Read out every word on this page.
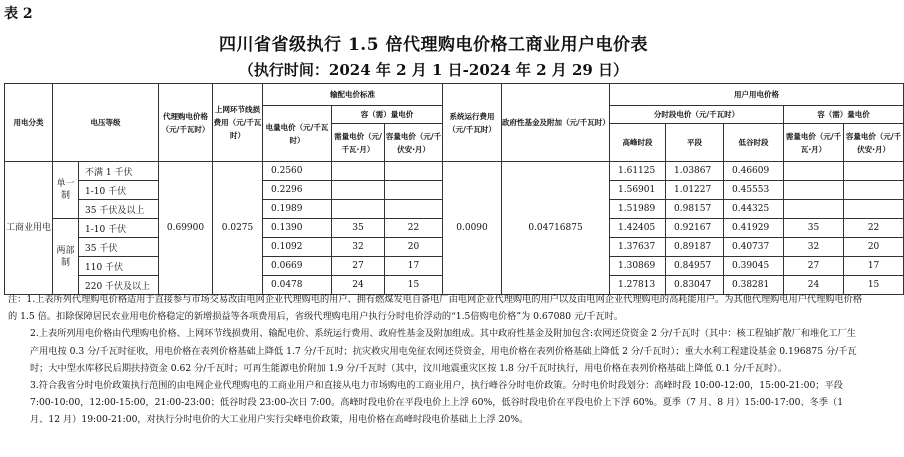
表 2
四川省省级执行 1.5 倍代理购电价格工商业用户电价表
（执行时间：2024 年 2 月 1 日-2024 年 2 月 29 日）
用电分类	电压等级		代理购电价格（元/千瓦时）	上网环节线损费用（元/千瓦时）	输配电价标准			系统运行费用（元/千瓦时）	政府性基金及附加（元/千瓦时）	用户用电价格				
					电量电价（元/千瓦时）	容（需）量电价				分时段电价（元/千瓦时）			容（需）量电价	
						需量电价（元/千瓦·月）	容量电价（元/千伏安·月）			高峰时段	平段	低谷时段	需量电价（元/千瓦·月）	容量电价（元/千伏安·月）
工商业用电	单一制	不满 1 千伏	0.69900	0.0275	0.2560			0.0090	0.04716875	1.61125	1.03867	0.46609		
		1-10 千伏			0.2296					1.56901	1.01227	0.45553		
		35 千伏及以上			0.1989					1.51989	0.98157	0.44325		
	两部制	1-10 千伏			0.1390	35	22			1.42405	0.92167	0.41929	35	22
		35 千伏			0.1092	32	20			1.37637	0.89187	0.40737	32	20
		110 千伏			0.0669	27	17			1.30869	0.84957	0.39045	27	17
		220 千伏及以上			0.0478	24	15			1.27813	0.83047	0.38281	24	15

注：1.上表所列代理购电价格适用于直接参与市场交易改由电网企业代理购电的用户、拥有燃煤发电自备电厂由电网企业代理购电的用户以及由电网企业代理购电的高耗能用户。为其他代理购电用户代理购电价格的 1.5 倍。扣除保障居民农业用电价格稳定的新增损益等各项费用后，省级代理购电用户执行分时电价浮动的“1.5倍购电价格”为 0.67080 元/千瓦时。

2.上表所列用电价格由代理购电价格、上网环节线损费用、输配电价、系统运行费用、政府性基金及附加组成。其中政府性基金及附加包含:农网还贷资金 2 分/千瓦时（其中：核工程铀扩散厂和堆化工厂生产用电按 0.3 分/千瓦时征收，用电价格在表列价格基础上降低 1.7 分/千瓦时；抗灾救灾用电免征农网还贷资金，用电价格在表列价格基础上降低 2 分/千瓦时）；重大水利工程建设基金 0.196875 分/千瓦时；大中型水库移民后期扶持资金 0.62 分/千瓦时；可再生能源电价附加 1.9 分/千瓦时（其中，汶川地震重灾区按 1.8 分/千瓦时执行，用电价格在表列价格基础上降低 0.1 分/千瓦时）。

3.符合我省分时电价政策执行范围的由电网企业代理购电的工商业用户和直接从电力市场购电的工商业用户，执行峰谷分时电价政策。分时电价时段划分：高峰时段 10:00-12:00，15:00-21:00；平段 7:00-10:00，12:00-15:00，21:00-23:00；低谷时段 23:00-次日 7:00。高峰时段电价在平段电价上上浮 60%，低谷时段电价在平段电价上下浮 60%。夏季（7 月、8 月）15:00-17:00、冬季（1 月、12 月）19:00-21:00，对执行分时电价的大工业用户实行尖峰电价政策，用电价格在高峰时段电价基础上上浮 20%。
